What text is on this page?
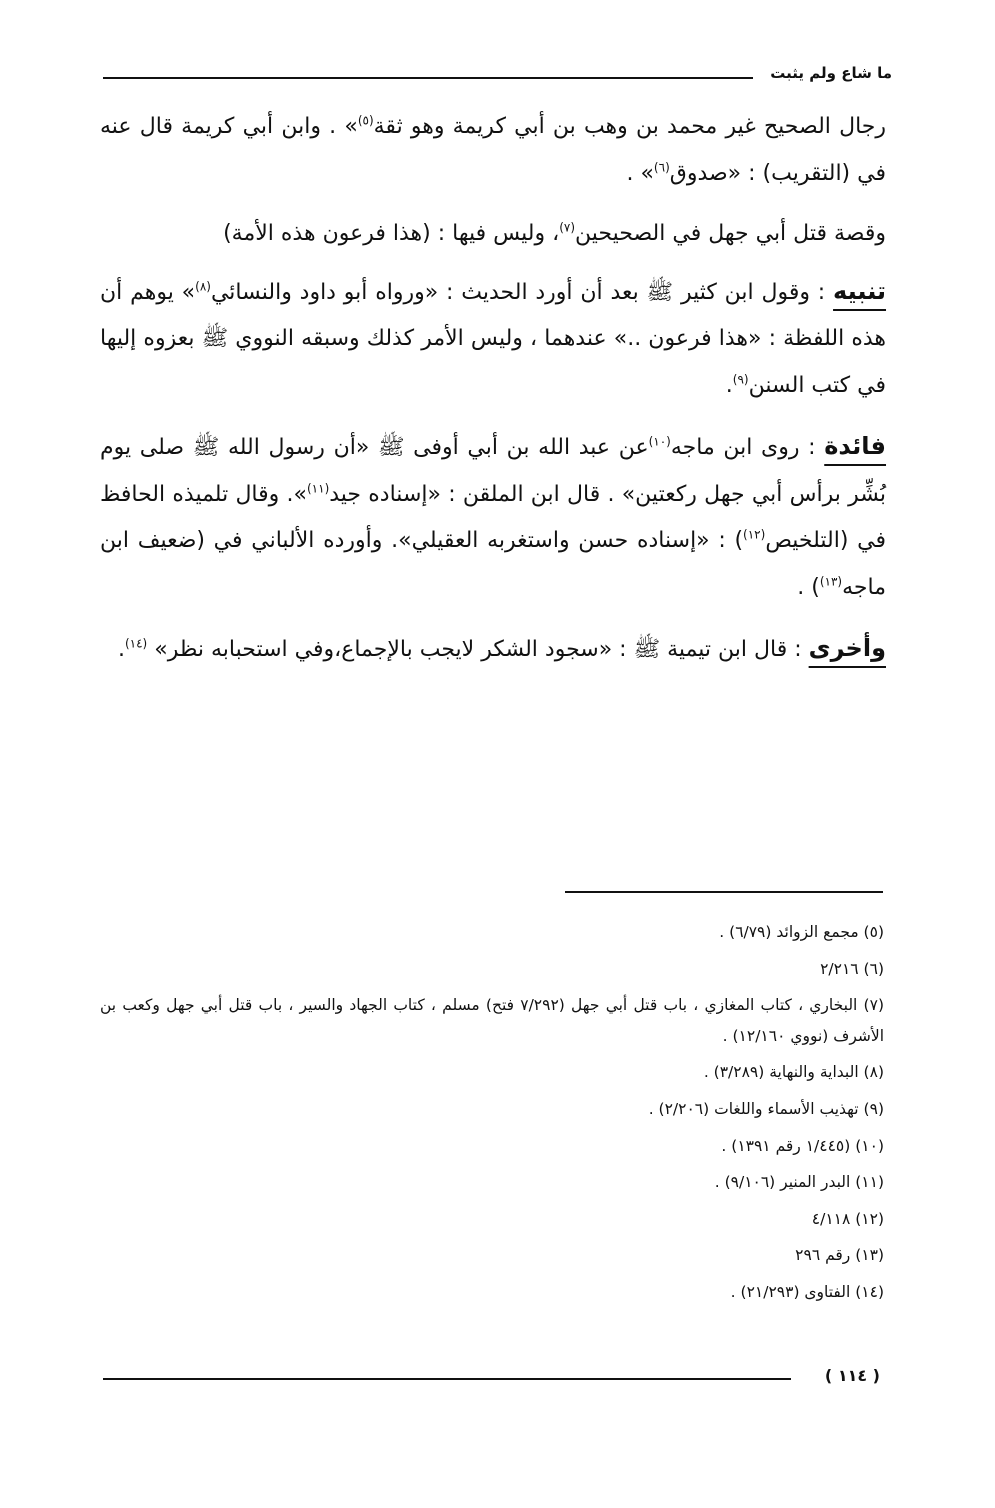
ما شاع ولم يثبت

رجال الصحيح غير محمد بن وهب بن أبي كريمة وهو ثقة$^{(٥)}$» . وابن أبي كريمة قال عنه في (التقريب) : «صدوق$^{(٦)}$» .

وقصة قتل أبي جهل في الصحيحين$^{(٧)}$، وليس فيها : (هذا فرعون هذه الأمة)

تنبيه : وقول ابن كثير ﷺ بعد أن أورد الحديث : «ورواه أبو داود والنسائي$^{(٨)}$» يوهم أن هذه اللفظة : «هذا فرعون ..» عندهما ، وليس الأمر كذلك وسبقه النووي ﷺ بعزوه إليها في كتب السنن$^{(٩)}$.

فائدة : روى ابن ماجه$^{(١٠)}$عن عبد الله بن أبي أوفى ﷺ «أن رسول الله ﷺ صلى يوم بُشِّر برأس أبي جهل ركعتين» . قال ابن الملقن : «إسناده جيد$^{(١١)}$». وقال تلميذه الحافظ في (التلخيص$^{(١٢)}$) : «إسناده حسن واستغربه العقيلي». وأورده الألباني في (ضعيف ابن ماجه$^{(١٣)}$) .

وأخرى : قال ابن تيمية ﷺ : «سجود الشكر لايجب بالإجماع،وفي استحبابه نظر» $^{(١٤)}$.

(٥) مجمع الزوائد (٦/٧٩) .
(٦) ٢/٢١٦
(٧) البخاري ، كتاب المغازي ، باب قتل أبي جهل (٧/٢٩٢ فتح) مسلم ، كتاب الجهاد والسير ، باب قتل أبي جهل وكعب بن الأشرف (نووي ١٢/١٦٠) .
(٨) البداية والنهاية (٣/٢٨٩) .
(٩) تهذيب الأسماء واللغات (٢/٢٠٦) .
(١٠) (١/٤٤٥ رقم ١٣٩١) .
(١١) البدر المنير (٩/١٠٦) .
(١٢) ٤/١١٨
(١٣) رقم ٢٩٦
(١٤) الفتاوى (٢١/٢٩٣) .
( ١١٤ )
